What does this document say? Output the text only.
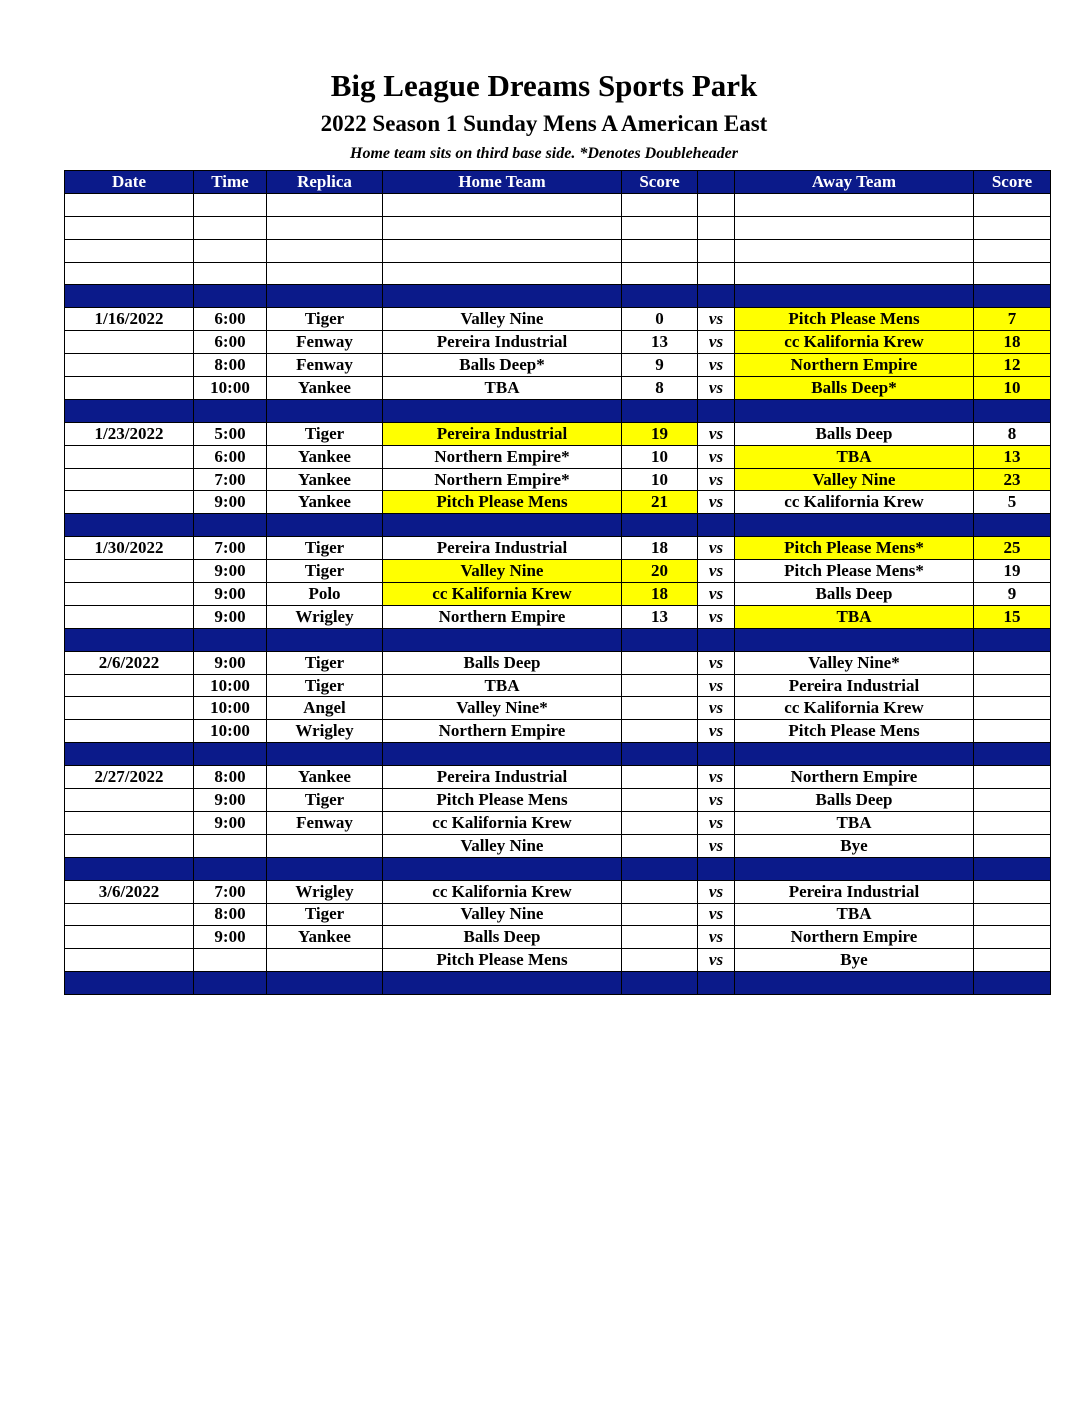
Big League Dreams Sports Park
2022 Season 1 Sunday Mens A American East
Home team sits on third base side. *Denotes Doubleheader
Date	Time	Replica	Home Team	Score		Away Team	Score

1/16/2022	6:00	Tiger	Valley Nine	0	vs	Pitch Please Mens	7
	6:00	Fenway	Pereira Industrial	13	vs	cc Kalifornia Krew	18
	8:00	Fenway	Balls Deep*	9	vs	Northern Empire	12
	10:00	Yankee	TBA	8	vs	Balls Deep*	10

1/23/2022	5:00	Tiger	Pereira Industrial	19	vs	Balls Deep	8
	6:00	Yankee	Northern Empire*	10	vs	TBA	13
	7:00	Yankee	Northern Empire*	10	vs	Valley Nine	23
	9:00	Yankee	Pitch Please Mens	21	vs	cc Kalifornia Krew	5

1/30/2022	7:00	Tiger	Pereira Industrial	18	vs	Pitch Please Mens*	25
	9:00	Tiger	Valley Nine	20	vs	Pitch Please Mens*	19
	9:00	Polo	cc Kalifornia Krew	18	vs	Balls Deep	9
	9:00	Wrigley	Northern Empire	13	vs	TBA	15

2/6/2022	9:00	Tiger	Balls Deep		vs	Valley Nine*	
	10:00	Tiger	TBA		vs	Pereira Industrial	
	10:00	Angel	Valley Nine*		vs	cc Kalifornia Krew	
	10:00	Wrigley	Northern Empire		vs	Pitch Please Mens	

2/27/2022	8:00	Yankee	Pereira Industrial		vs	Northern Empire	
	9:00	Tiger	Pitch Please Mens		vs	Balls Deep	
	9:00	Fenway	cc Kalifornia Krew		vs	TBA	
			Valley Nine		vs	Bye	

3/6/2022	7:00	Wrigley	cc Kalifornia Krew		vs	Pereira Industrial	
	8:00	Tiger	Valley Nine		vs	TBA	
	9:00	Yankee	Balls Deep		vs	Northern Empire	
			Pitch Please Mens		vs	Bye	
